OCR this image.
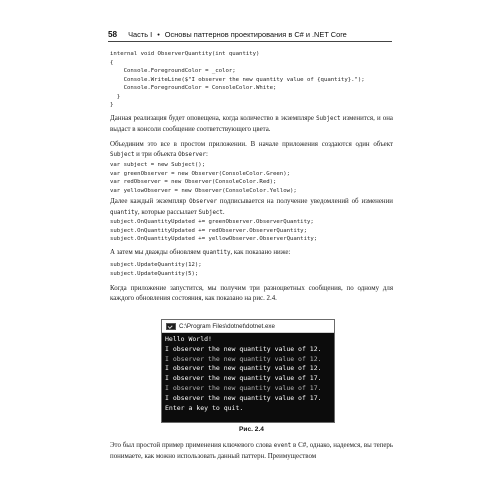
58 Часть I • Основы паттернов проектирования в C# и .NET Core
internal void ObserverQuantity(int quantity)
{
Console.ForegroundColor = _color;
Console.WriteLine($"I observer the new quantity value of {quantity}.");
Console.ForegroundColor = ConsoleColor.White;
}
}

Данная реализация будет оповещена, когда количество в экземпляре Subject изменится, и она выдаст в консоли сообщение соответствующего цвета.

Объединим это все в простом приложении. В начале приложения создаются один объект Subject и три объекта Observer:

var subject = new Subject();
var greenObserver = new Observer(ConsoleColor.Green);
var redObserver = new Observer(ConsoleColor.Red);
var yellowObserver = new Observer(ConsoleColor.Yellow);

Далее каждый экземпляр Observer подписывается на получение уведомлений об изменении quantity, которые рассылает Subject.

subject.OnQuantityUpdated += greenObserver.ObserverQuantity;
subject.OnQuantityUpdated += redObserver.ObserverQuantity;
subject.OnQuantityUpdated += yellowObserver.ObserverQuantity;

А затем мы дважды обновляем quantity, как показано ниже:

subject.UpdateQuantity(12);
subject.UpdateQuantity(5);

Когда приложение запустится, мы получим три разноцветных сообщения, по одному для каждого обновления состояния, как показано на рис. 2.4.

C:\Program Files\dotnet\dotnet.exe
Hello World!
I observer the new quantity value of 12.
I observer the new quantity value of 12.
I observer the new quantity value of 12.
I observer the new quantity value of 17.
I observer the new quantity value of 17.
I observer the new quantity value of 17.
Enter a key to quit.
Рис. 2.4

Это был простой пример применения ключевого слова event в C#, однако, надеемся, вы теперь понимаете, как можно использовать данный паттерн. Преимуществом
